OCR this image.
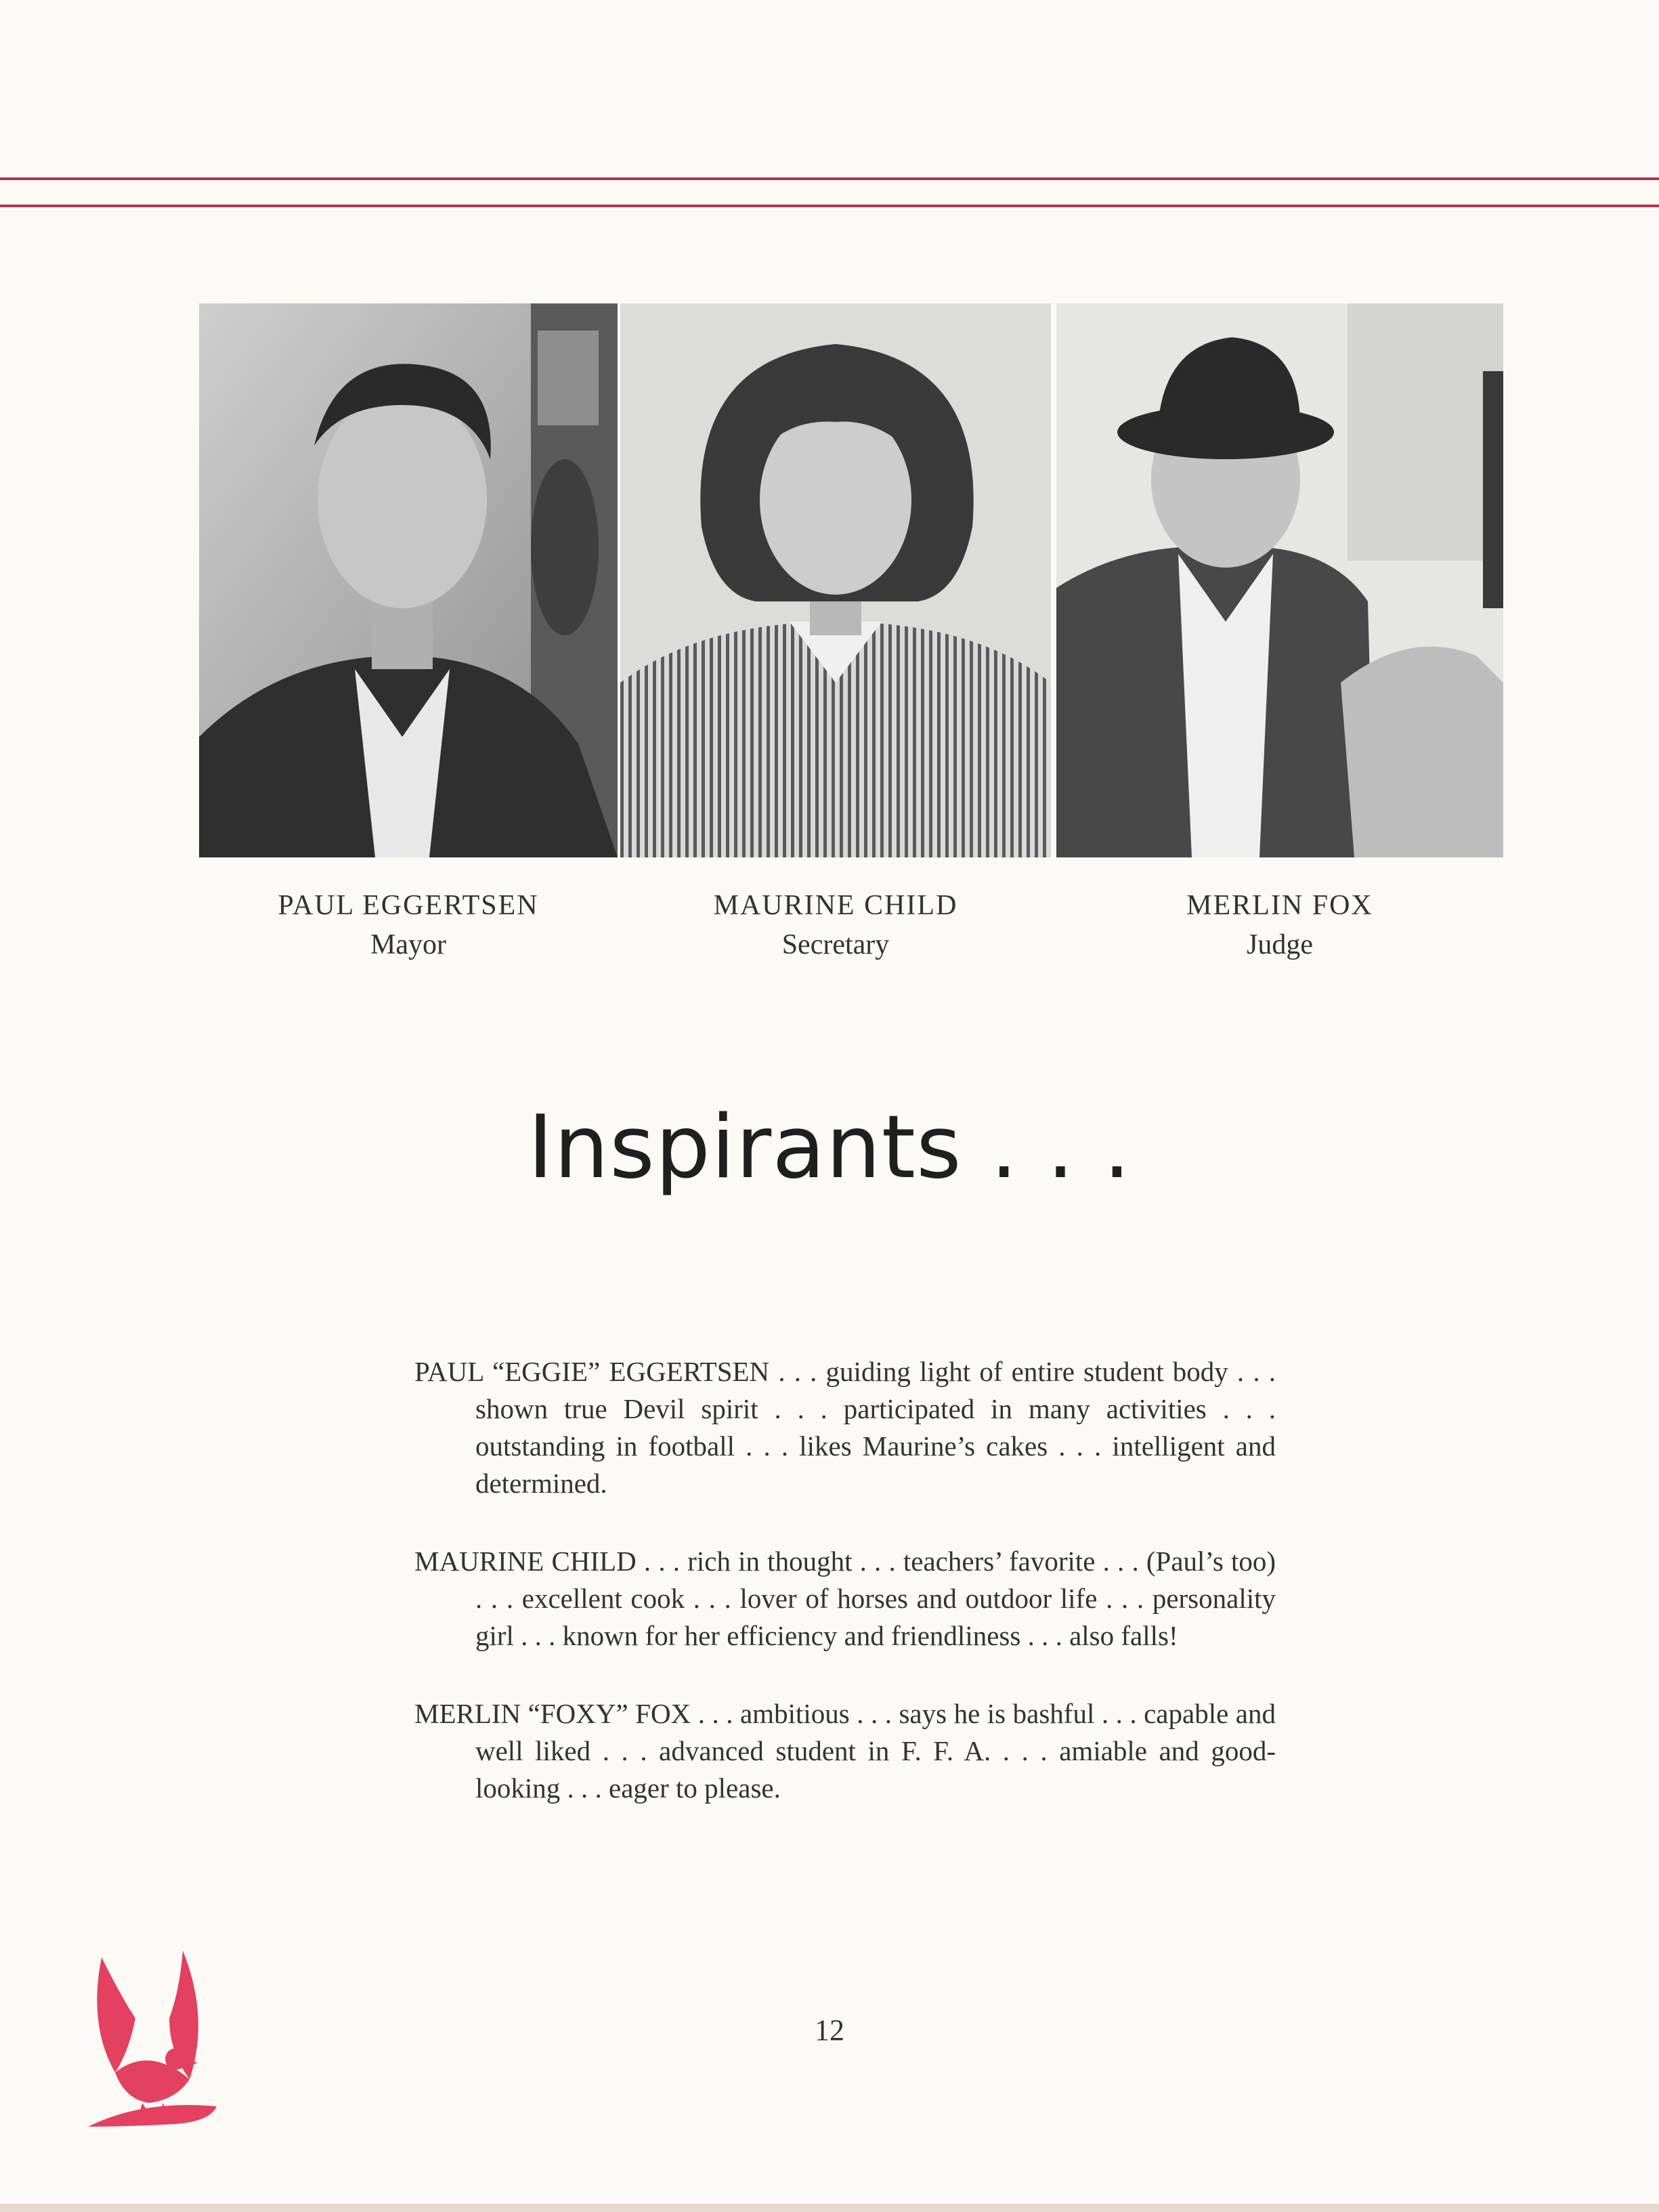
PAUL EGGERTSEN
Mayor
MAURINE CHILD
Secretary
MERLIN FOX
Judge
Inspirants . . .

PAUL “EGGIE” EGGERTSEN . . . guiding light of entire student body . . . shown true Devil spirit . . . participated in many activities . . . outstanding in football . . . likes Maurine’s cakes . . . intelligent and determined.

MAURINE CHILD . . . rich in thought . . . teachers’ favorite . . . (Paul’s too) . . . excellent cook . . . lover of horses and outdoor life . . . personality girl . . . known for her efficiency and friendliness . . . also falls!

MERLIN “FOXY” FOX . . . ambitious . . . says he is bashful . . . capable and well liked . . . advanced student in F. F. A. . . . amiable and good-looking . . . eager to please.

12
